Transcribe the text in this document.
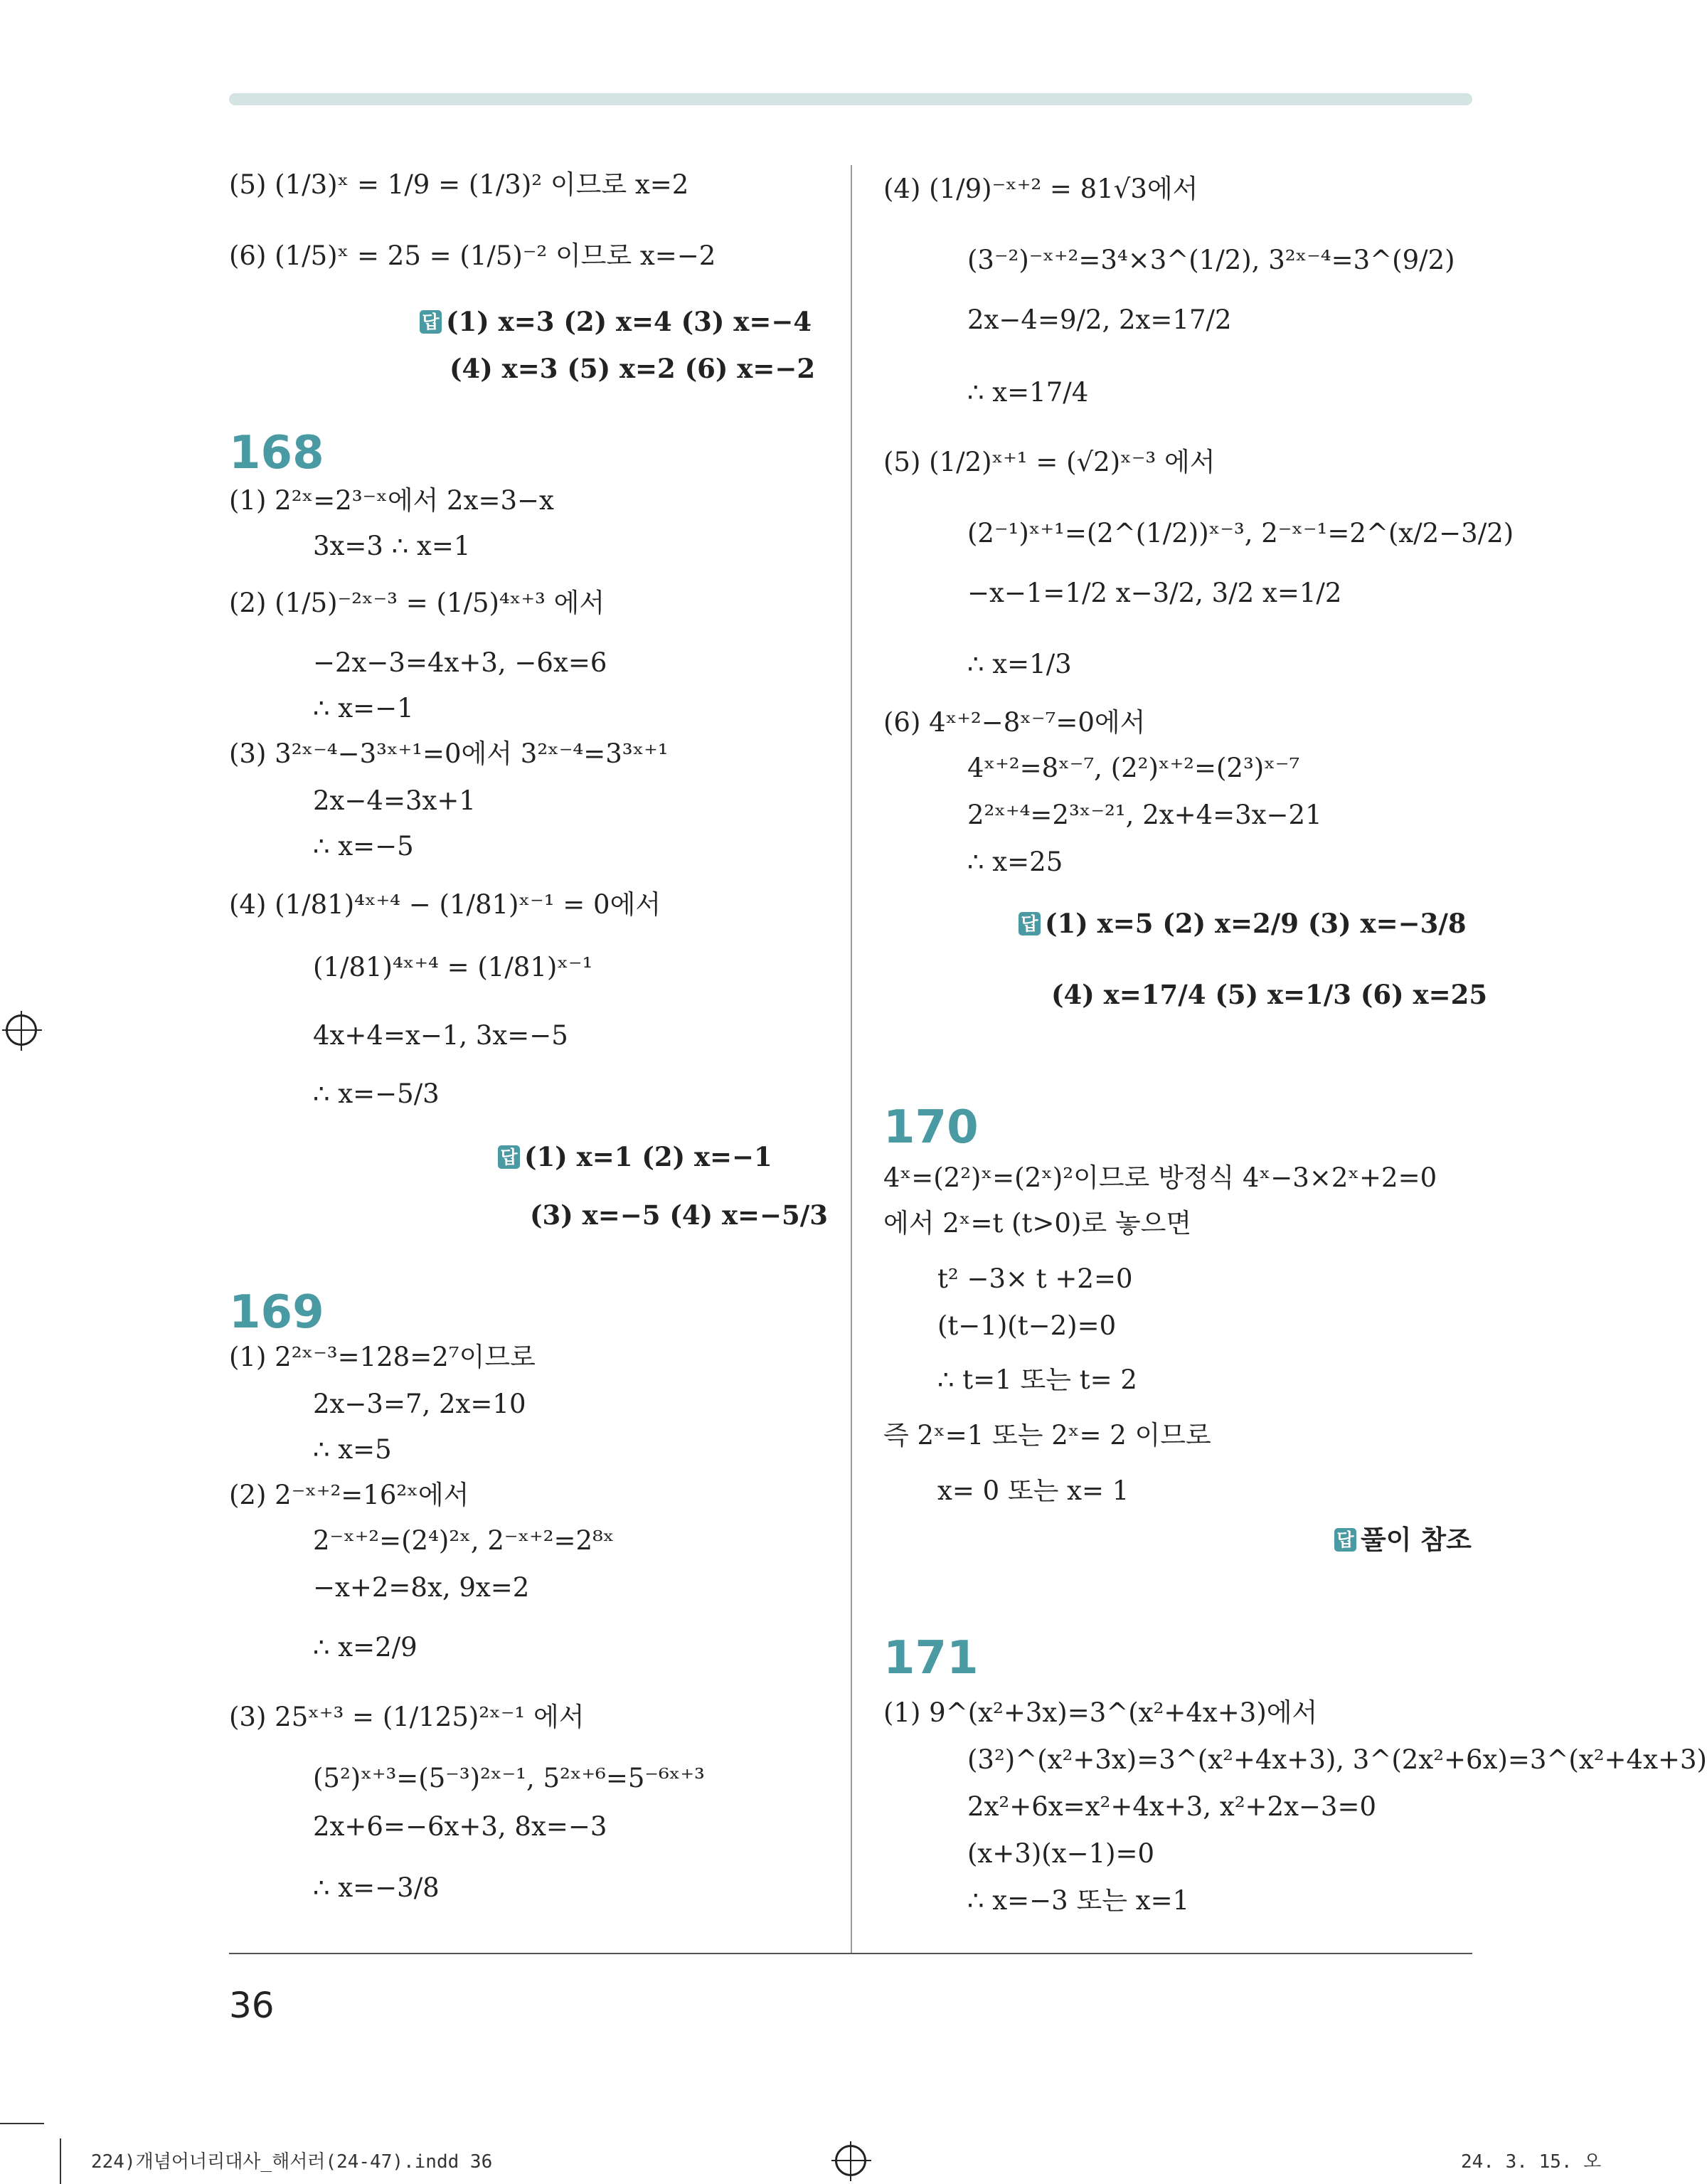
(5) (1/3)ˣ = 1/9 = (1/3)² 이므로 x=2
(6) (1/5)ˣ = 25 = (1/5)⁻² 이므로 x=−2
답 (1) x=3 (2) x=4 (3) x=−4
(4) x=3 (5) x=2 (6) x=−2
168
(1) 2²ˣ=2³⁻ˣ에서 2x=3−x
3x=3 ∴ x=1
(2) (1/5)⁻²ˣ⁻³ = (1/5)⁴ˣ⁺³ 에서
−2x−3=4x+3, −6x=6
∴ x=−1
(3) 3²ˣ⁻⁴−3³ˣ⁺¹=0에서 3²ˣ⁻⁴=3³ˣ⁺¹
2x−4=3x+1
∴ x=−5
(4) (1/81)⁴ˣ⁺⁴ − (1/81)ˣ⁻¹ = 0에서
(1/81)⁴ˣ⁺⁴ = (1/81)ˣ⁻¹
4x+4=x−1, 3x=−5
∴ x=−5/3
답 (1) x=1 (2) x=−1
(3) x=−5 (4) x=−5/3
169
(1) 2²ˣ⁻³=128=2⁷이므로
2x−3=7, 2x=10
∴ x=5
(2) 2⁻ˣ⁺²=16²ˣ에서
2⁻ˣ⁺²=(2⁴)²ˣ, 2⁻ˣ⁺²=2⁸ˣ
−x+2=8x, 9x=2
∴ x=2/9
(3) 25ˣ⁺³ = (1/125)²ˣ⁻¹ 에서
(5²)ˣ⁺³=(5⁻³)²ˣ⁻¹, 5²ˣ⁺⁶=5⁻⁶ˣ⁺³
2x+6=−6x+3, 8x=−3
∴ x=−3/8
(4) (1/9)⁻ˣ⁺² = 81√3에서
(3⁻²)⁻ˣ⁺²=3⁴×3^(1/2), 3²ˣ⁻⁴=3^(9/2)
2x−4=9/2, 2x=17/2
∴ x=17/4
(5) (1/2)ˣ⁺¹ = (√2)ˣ⁻³ 에서
(2⁻¹)ˣ⁺¹=(2^(1/2))ˣ⁻³, 2⁻ˣ⁻¹=2^(x/2−3/2)
−x−1=1/2 x−3/2, 3/2 x=1/2
∴ x=1/3
(6) 4ˣ⁺²−8ˣ⁻⁷=0에서
4ˣ⁺²=8ˣ⁻⁷, (2²)ˣ⁺²=(2³)ˣ⁻⁷
2²ˣ⁺⁴=2³ˣ⁻²¹, 2x+4=3x−21
∴ x=25
답 (1) x=5 (2) x=2/9 (3) x=−3/8
(4) x=17/4 (5) x=1/3 (6) x=25
170
4ˣ=(2²)ˣ=(2ˣ)²이므로 방정식 4ˣ−3×2ˣ+2=0
에서 2ˣ=t (t>0)로 놓으면
t² −3× t +2=0
(t−1)(t−2)=0
∴ t=1 또는 t= 2
즉 2ˣ=1 또는 2ˣ= 2 이므로
x= 0 또는 x= 1
답 풀이 참조
171
(1) 9^(x²+3x)=3^(x²+4x+3)에서
(3²)^(x²+3x)=3^(x²+4x+3), 3^(2x²+6x)=3^(x²+4x+3)
2x²+6x=x²+4x+3, x²+2x−3=0
(x+3)(x−1)=0
∴ x=−3 또는 x=1
36
224)개념어너리대사_해서러(24-47).indd 36	24. 3. 15. 오
